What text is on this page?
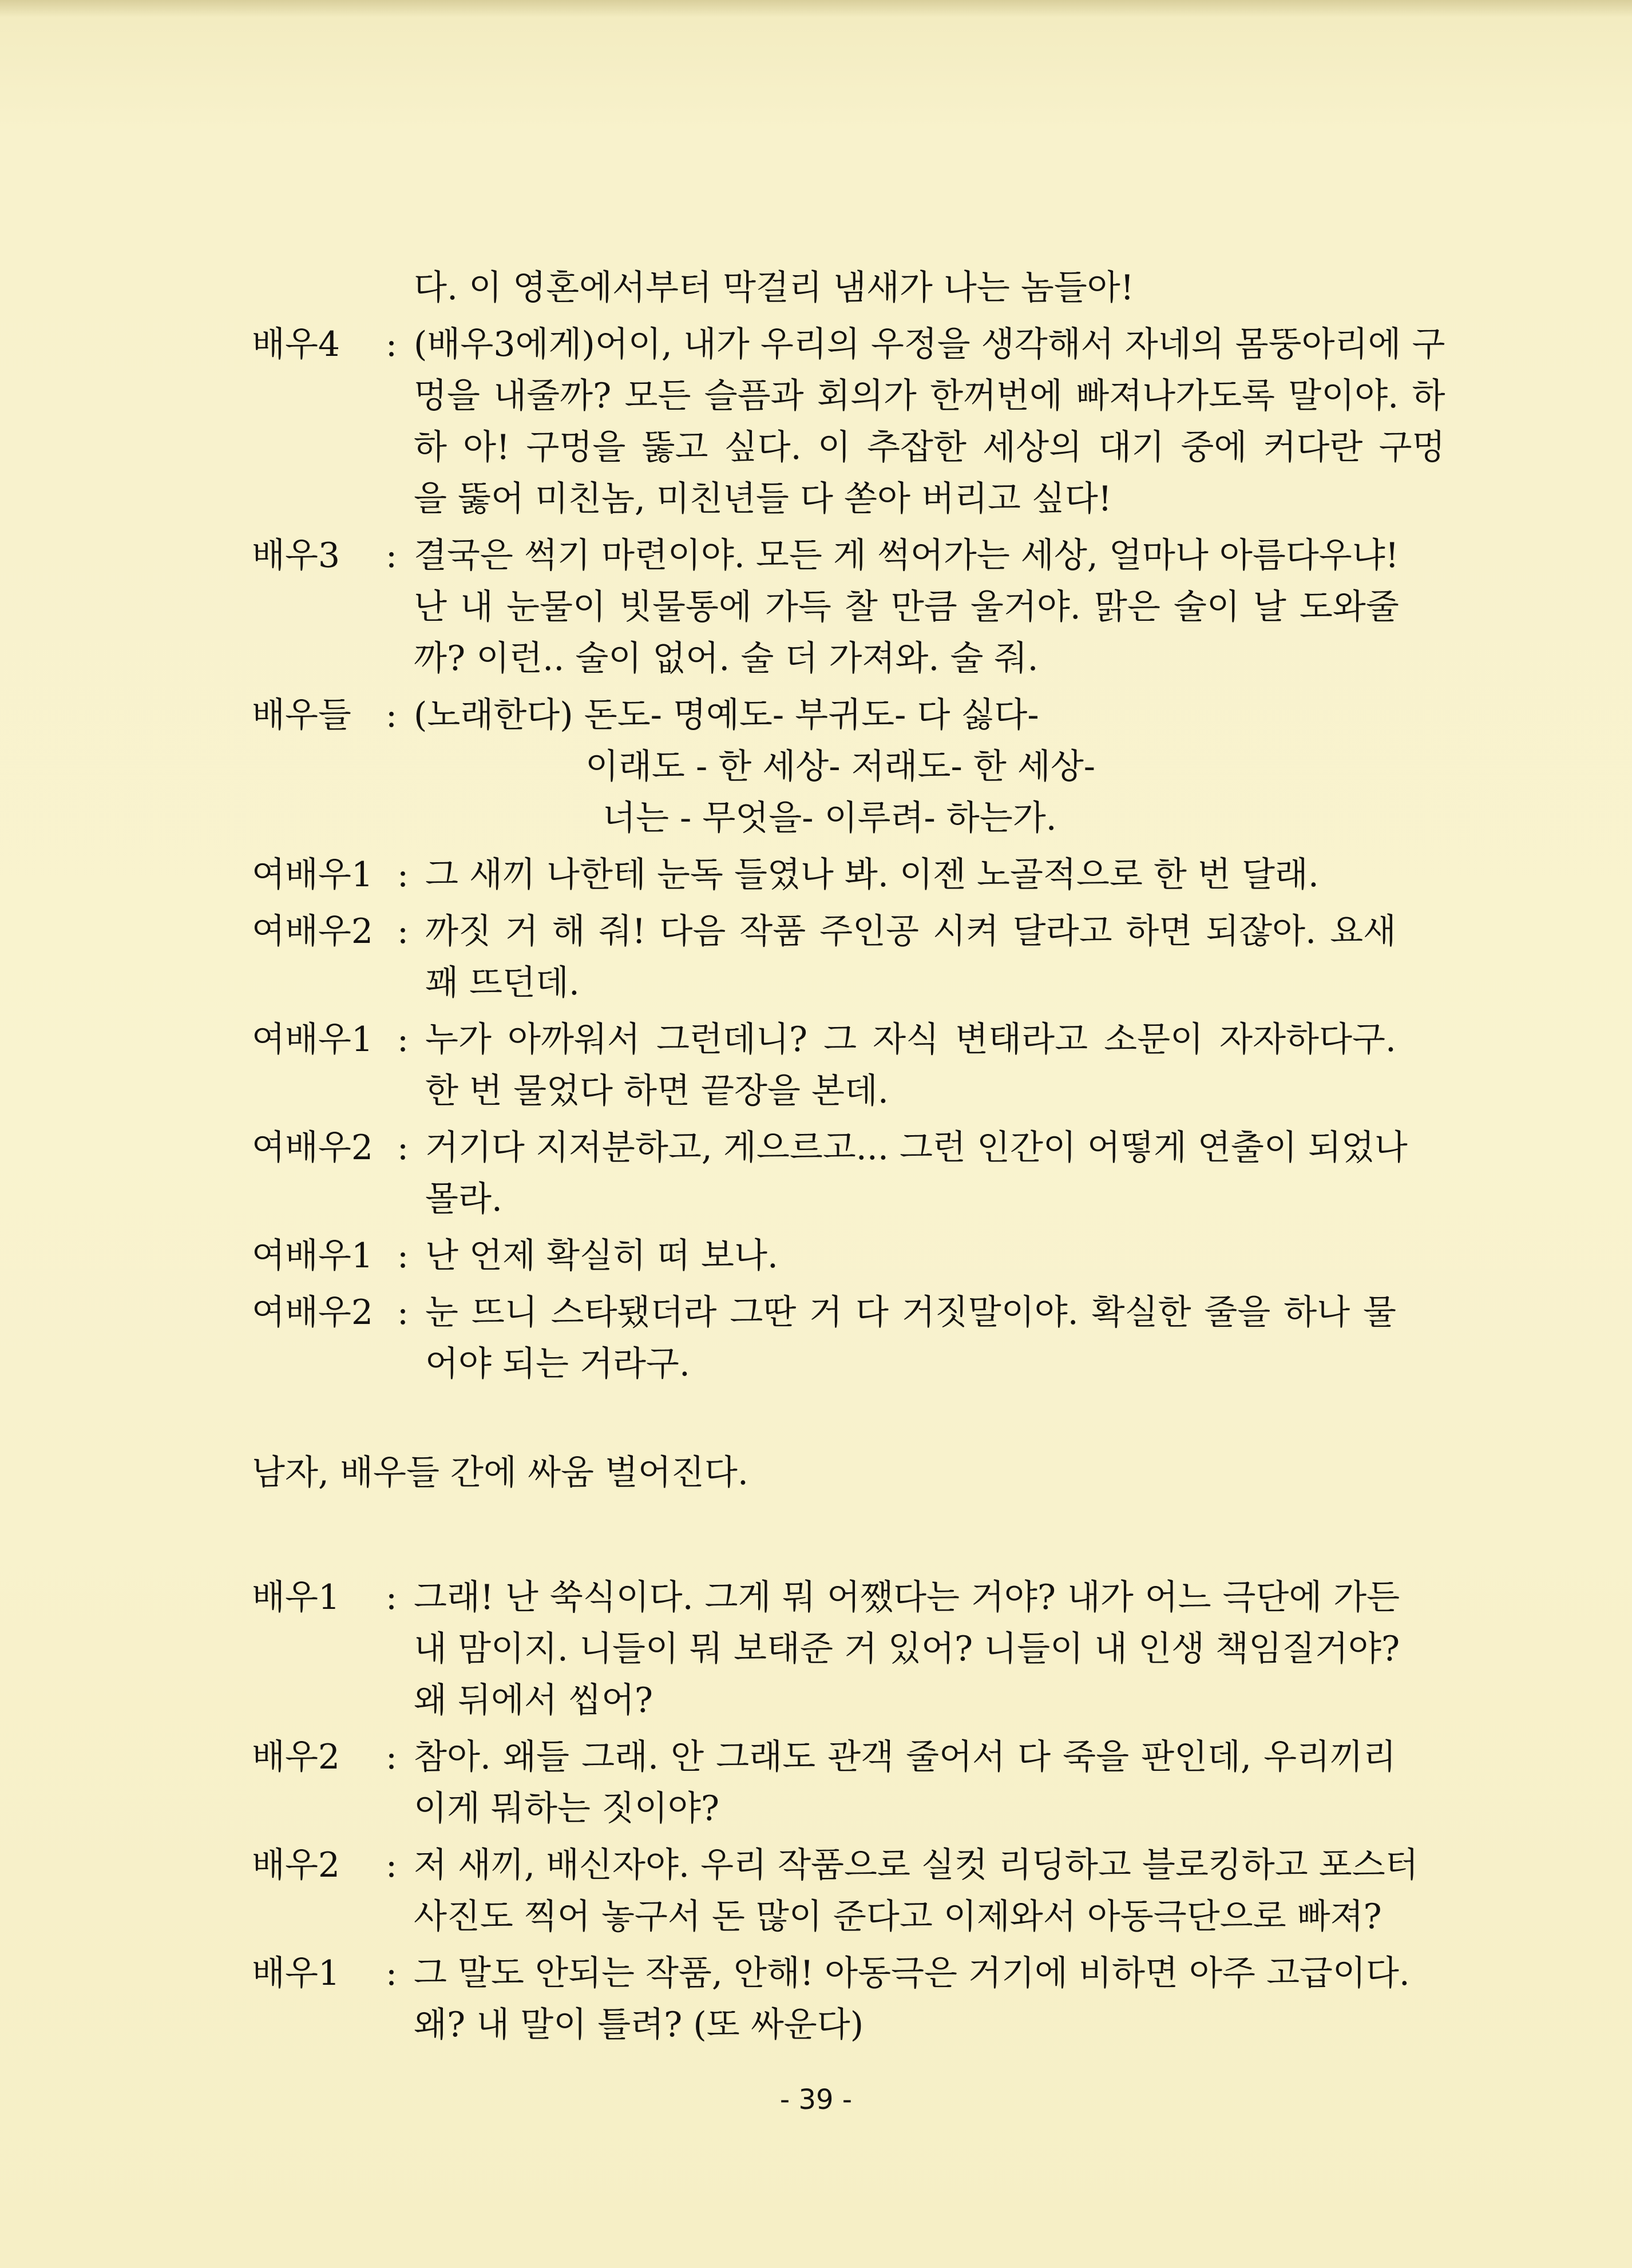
다. 이 영혼에서부터 막걸리 냄새가 나는 놈들아!
배우4	: (배우3에게)어이, 내가 우리의 우정을 생각해서 자네의 몸뚱아리에 구
멍을 내줄까? 모든 슬픔과 회의가 한꺼번에 빠져나가도록 말이야. 하
하 아! 구멍을 뚫고 싶다. 이 추잡한 세상의 대기 중에 커다란 구멍
을 뚫어 미친놈, 미친년들 다 쏟아 버리고 싶다!
배우3	: 결국은 썩기 마련이야. 모든 게 썩어가는 세상, 얼마나 아름다우냐!
난 내 눈물이 빗물통에 가득 찰 만큼 울거야. 맑은 술이 날 도와줄
까? 이런.. 술이 없어. 술 더 가져와. 술 줘.
배우들	: (노래한다) 돈도- 명예도- 부귀도- 다 싫다-
이래도 - 한 세상- 저래도- 한 세상-
너는 - 무엇을- 이루려- 하는가.
여배우1 : 그 새끼 나한테 눈독 들였나 봐. 이젠 노골적으로 한 번 달래.
여배우2 : 까짓 거 해 줘! 다음 작품 주인공 시켜 달라고 하면 되잖아. 요새
꽤 뜨던데.
여배우1 : 누가 아까워서 그런데니? 그 자식 변태라고 소문이 자자하다구.
한 번 물었다 하면 끝장을 본데.
여배우2 : 거기다 지저분하고, 게으르고... 그런 인간이 어떻게 연출이 되었나
몰라.
여배우1 : 난 언제 확실히 떠 보나.
여배우2 : 눈 뜨니 스타됐더라 그딴 거 다 거짓말이야. 확실한 줄을 하나 물
어야 되는 거라구.
남자, 배우들 간에 싸움 벌어진다.
배우1	: 그래! 난 쑥식이다. 그게 뭐 어쨌다는 거야? 내가 어느 극단에 가든
내 맘이지. 니들이 뭐 보태준 거 있어? 니들이 내 인생 책임질거야?
왜 뒤에서 씹어?
배우2	: 참아. 왜들 그래. 안 그래도 관객 줄어서 다 죽을 판인데, 우리끼리
이게 뭐하는 짓이야?
배우2	: 저 새끼, 배신자야. 우리 작품으로 실컷 리딩하고 블로킹하고 포스터
사진도 찍어 놓구서 돈 많이 준다고 이제와서 아동극단으로 빠져?
배우1	: 그 말도 안되는 작품, 안해! 아동극은 거기에 비하면 아주 고급이다.
왜? 내 말이 틀려? (또 싸운다)
- 39 -
